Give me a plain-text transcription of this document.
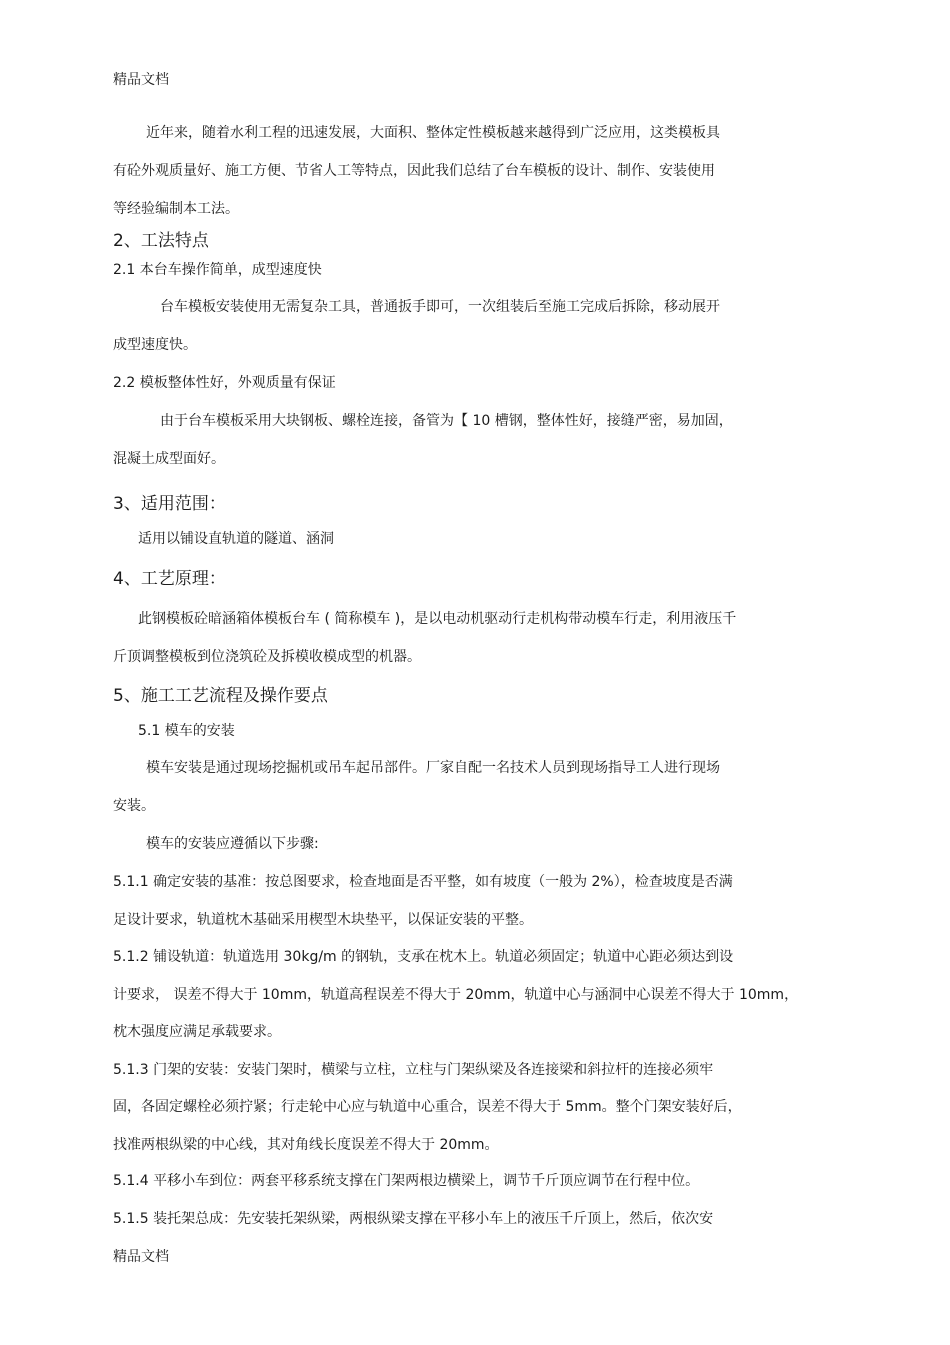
精品文档
近年来，随着水利工程的迅速发展，大面积、整体定性模板越来越得到广泛应用，这类模板具
有砼外观质量好、施工方便、节省人工等特点，因此我们总结了台车模板的设计、制作、安装使用
等经验编制本工法。
2、工法特点
2.1 本台车操作简单，成型速度快
台车模板安装使用无需复杂工具，普通扳手即可，一次组装后至施工完成后拆除，移动展开
成型速度快。
2.2 模板整体性好，外观质量有保证
由于台车模板采用大块钢板、螺栓连接，备管为【 10 槽钢，整体性好，接缝严密，易加固，
混凝土成型面好。
3、适用范围：
适用以铺设直轨道的隧道、涵洞
4、工艺原理：
此钢模板砼暗涵箱体模板台车 ( 简称模车 )，是以电动机驱动行走机构带动模车行走，利用液压千
斤顶调整模板到位浇筑砼及拆模收模成型的机器。
5、施工工艺流程及操作要点
5.1 模车的安装
模车安装是通过现场挖掘机或吊车起吊部件。厂家自配一名技术人员到现场指导工人进行现场
安装。
模车的安装应遵循以下步骤:
5.1.1 确定安装的基准：按总图要求，检查地面是否平整，如有坡度（一般为 2%），检查坡度是否满
足设计要求，轨道枕木基础采用楔型木块垫平，以保证安装的平整。
5.1.2 铺设轨道：轨道选用 30kg/m 的钢轨，支承在枕木上。轨道必须固定；轨道中心距必须达到设
计要求， 误差不得大于 10mm，轨道高程误差不得大于 20mm，轨道中心与涵洞中心误差不得大于 10mm，
枕木强度应满足承载要求。
5.1.3 门架的安装：安装门架时，横梁与立柱，立柱与门架纵梁及各连接梁和斜拉杆的连接必须牢
固，各固定螺栓必须拧紧；行走轮中心应与轨道中心重合，误差不得大于 5mm。整个门架安装好后，
找准两根纵梁的中心线，其对角线长度误差不得大于 20mm。
5.1.4 平移小车到位：两套平移系统支撑在门架两根边横梁上，调节千斤顶应调节在行程中位。
5.1.5 装托架总成：先安装托架纵梁，两根纵梁支撑在平移小车上的液压千斤顶上，然后，依次安
精品文档
